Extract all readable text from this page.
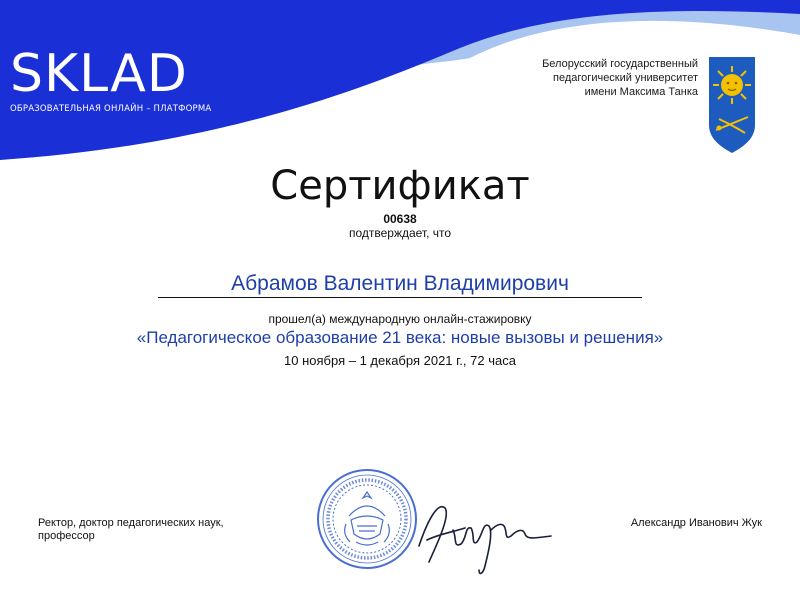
SKLAD
ОБРАЗОВАТЕЛЬНАЯ ОНЛАЙН – ПЛАТФОРМА
Белорусский государственный
педагогический университет
имени Максима Танка
Сертификат
00638
подтверждает, что
Абрамов Валентин Владимирович
прошел(а) международную онлайн-стажировку
«Педагогическое образование 21 века: новые вызовы и решения»
10 ноября – 1 декабря 2021 г., 72 часа
Ректор, доктор педагогических наук,
профессор
Александр Иванович Жук
